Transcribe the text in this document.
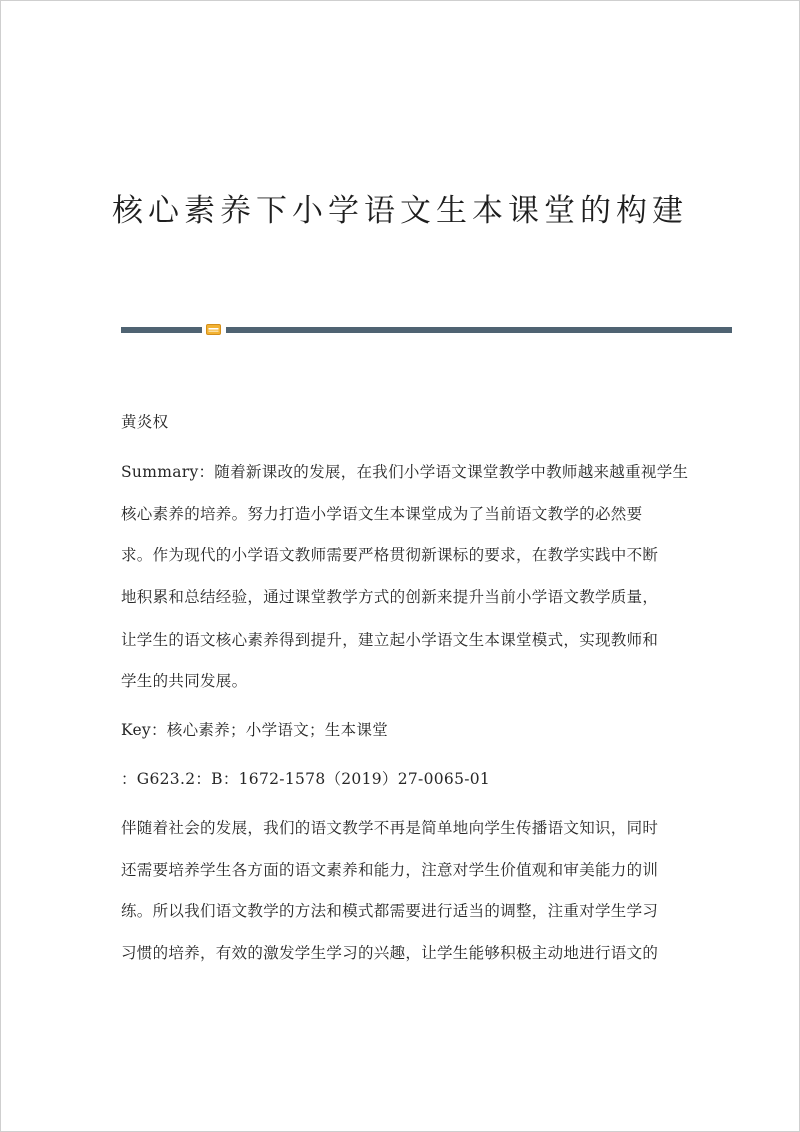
核心素养下小学语文生本课堂的构建

黄炎权

Summary：随着新课改的发展，在我们小学语文课堂教学中教师越来越重视学生

核心素养的培养。努力打造小学语文生本课堂成为了当前语文教学的必然要

求。作为现代的小学语文教师需要严格贯彻新课标的要求，在教学实践中不断

地积累和总结经验，通过课堂教学方式的创新来提升当前小学语文教学质量，

让学生的语文核心素养得到提升，建立起小学语文生本课堂模式，实现教师和

学生的共同发展。

Key：核心素养；小学语文；生本课堂

：G623.2：B：1672-1578（2019）27-0065-01

伴随着社会的发展，我们的语文教学不再是简单地向学生传播语文知识，同时

还需要培养学生各方面的语文素养和能力，注意对学生价值观和审美能力的训

练。所以我们语文教学的方法和模式都需要进行适当的调整，注重对学生学习

习惯的培养，有效的激发学生学习的兴趣，让学生能够积极主动地进行语文的
